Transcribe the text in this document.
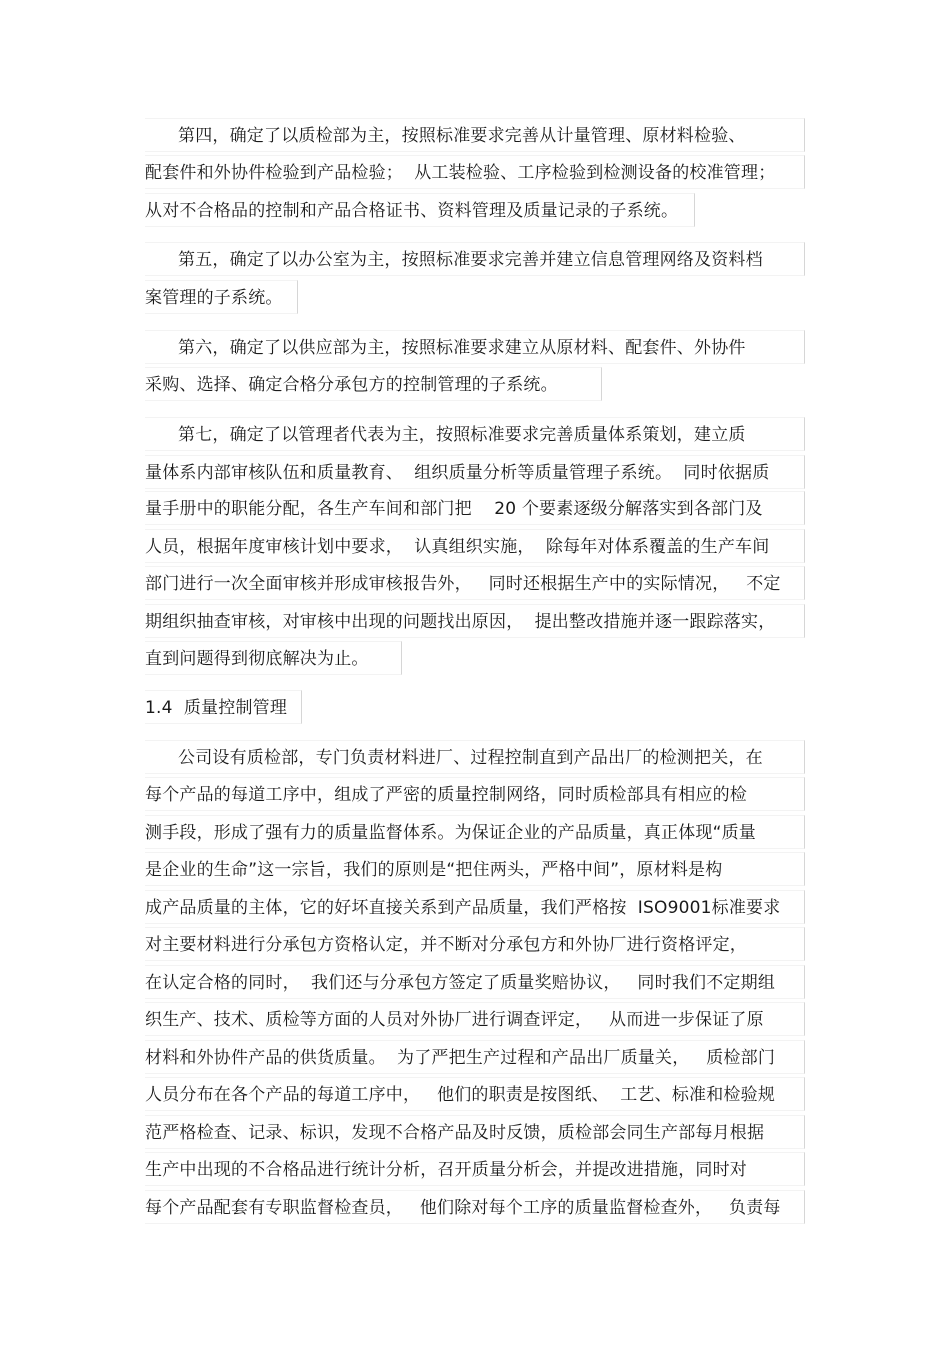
第四，确定了以质检部为主，按照标准要求完善从计量管理、原材料检验、
配套件和外协件检验到产品检验；  从工装检验、工序检验到检测设备的校准管理；
从对不合格品的控制和产品合格证书、资料管理及质量记录的子系统。
第五，确定了以办公室为主，按照标准要求完善并建立信息管理网络及资料档
案管理的子系统。
第六，确定了以供应部为主，按照标准要求建立从原材料、配套件、外协件
采购、选择、确定合格分承包方的控制管理的子系统。
第七，确定了以管理者代表为主，按照标准要求完善质量体系策划，建立质
量体系内部审核队伍和质量教育、  组织质量分析等质量管理子系统。  同时依据质
量手册中的职能分配，各生产车间和部门把    20 个要素逐级分解落实到各部门及
人员，根据年度审核计划中要求，  认真组织实施，  除每年对体系覆盖的生产车间
部门进行一次全面审核并形成审核报告外，   同时还根据生产中的实际情况，   不定
期组织抽查审核，对审核中出现的问题找出原因，  提出整改措施并逐一跟踪落实，
直到问题得到彻底解决为止。
1.4  质量控制管理
公司设有质检部，专门负责材料进厂、过程控制直到产品出厂的检测把关，在
每个产品的每道工序中，组成了严密的质量控制网络，同时质检部具有相应的检
测手段，形成了强有力的质量监督体系。为保证企业的产品质量，真正体现“质量
是企业的生命”这一宗旨，我们的原则是“把住两头，严格中间”，原材料是构
成产品质量的主体，它的好坏直接关系到产品质量，我们严格按  ISO9001标准要求
对主要材料进行分承包方资格认定，并不断对分承包方和外协厂进行资格评定，
在认定合格的同时，  我们还与分承包方签定了质量奖赔协议，   同时我们不定期组
织生产、技术、质检等方面的人员对外协厂进行调查评定，   从而进一步保证了原
材料和外协件产品的供货质量。  为了严把生产过程和产品出厂质量关，   质检部门
人员分布在各个产品的每道工序中，   他们的职责是按图纸、  工艺、标准和检验规
范严格检查、记录、标识，发现不合格产品及时反馈，质检部会同生产部每月根据
生产中出现的不合格品进行统计分析，召开质量分析会，并提改进措施，同时对
每个产品配套有专职监督检查员，   他们除对每个工序的质量监督检查外，   负责每
